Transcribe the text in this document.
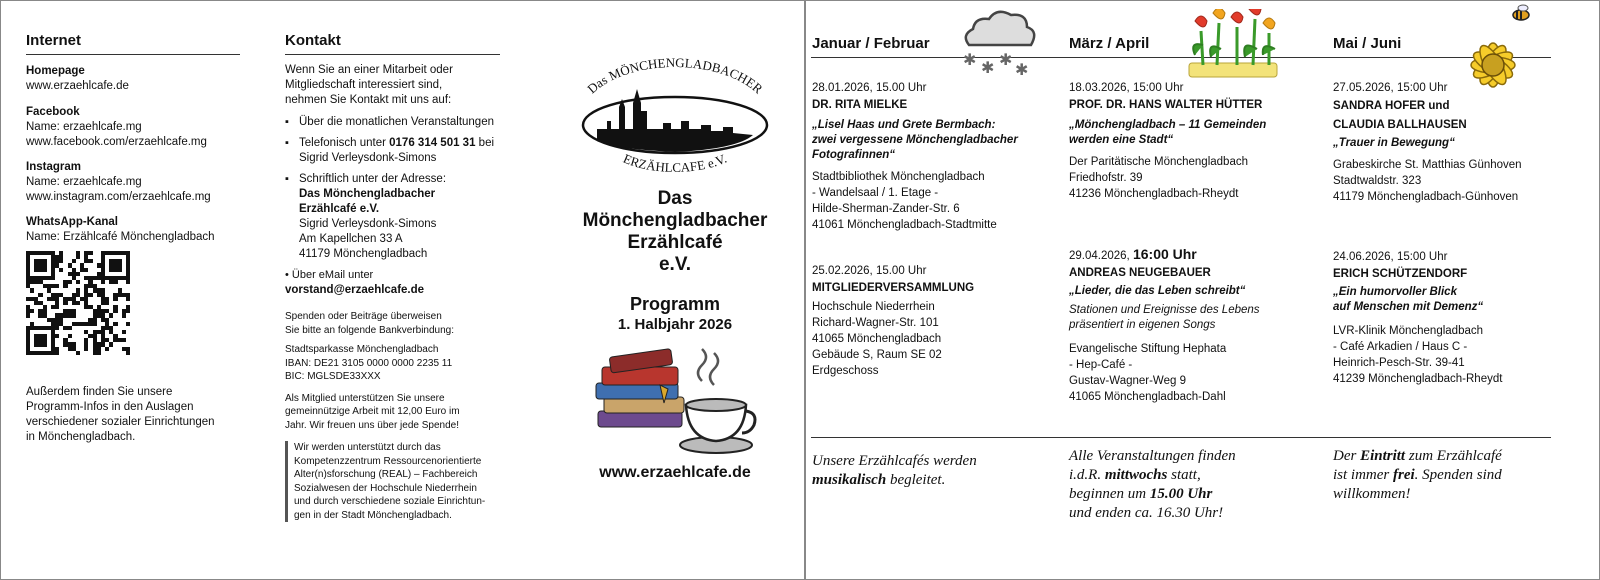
Internet
Homepage
www.erzaehlcafe.de
Facebook
Name: erzaehlcafe.mg
www.facebook.com/erzaehlcafe.mg
Instagram
Name: erzaehlcafe.mg
www.instagram.com/erzaehlcafe.mg
WhatsApp-Kanal
Name: Erzählcafé Mönchengladbach
Außerdem finden Sie unsere
Programm-Infos in den Auslagen
verschiedener sozialer Einrichtungen
in Mönchengladbach.
Kontakt
Wenn Sie an einer Mitarbeit oder
Mitgliedschaft interessiert sind,
nehmen Sie Kontakt mit uns auf:
▪ Über die monatlichen Veranstaltungen
▪ Telefonisch unter 0176 314 501 31 bei
Sigrid Verleysdonk-Simons
▪ Schriftlich unter der Adresse:
Das Mönchengladbacher
Erzählcafé e.V.
Sigrid Verleysdonk-Simons
Am Kapellchen 33 A
41179 Mönchengladbach
• Über eMail unter
vorstand@erzaehlcafe.de
Spenden oder Beiträge überweisen
Sie bitte an folgende Bankverbindung:
Stadtsparkasse Mönchengladbach
IBAN: DE21 3105 0000 0000 2235 11
BIC: MGLSDE33XXX
Als Mitglied unterstützen Sie unsere
gemeinnützige Arbeit mit 12,00 Euro im
Jahr. Wir freuen uns über jede Spende!
Wir werden unterstützt durch das
Kompetenzzentrum Ressourcenorientierte
Alter(n)sforschung (REAL) – Fachbereich
Sozialwesen der Hochschule Niederrhein
und durch verschiedene soziale Einrichtun-
gen in der Stadt Mönchengladbach.
Das MÖNCHENGLADBACHER
ERZÄHLCAFE e.V.
Das
Mönchengladbacher
Erzählcafé
e.V.
Programm
1. Halbjahr 2026
www.erzaehlcafe.de
✱ ✱ ✱
✱
Januar / Februar
28.01.2026, 15.00 Uhr
DR. RITA MIELKE
„Lisel Haas und Grete Bermbach:
zwei vergessene Mönchengladbacher
Fotografinnen“
Stadtbibliothek Mönchengladbach
- Wandelsaal / 1. Etage -
Hilde-Sherman-Zander-Str. 6
41061 Mönchengladbach-Stadtmitte
25.02.2026, 15.00 Uhr
MITGLIEDERVERSAMMLUNG
Hochschule Niederrhein
Richard-Wagner-Str. 101
41065 Mönchengladbach
Gebäude S, Raum SE 02
Erdgeschoss
Unsere Erzählcafés werden
musikalisch begleitet.
März / April
18.03.2026, 15:00 Uhr
PROF. DR. HANS WALTER HÜTTER
„Mönchengladbach – 11 Gemeinden
werden eine Stadt“
Der Paritätische Mönchengladbach
Friedhofstr. 39
41236 Mönchengladbach-Rheydt
29.04.2026, 16:00 Uhr
ANDREAS NEUGEBAUER
„Lieder, die das Leben schreibt“
Stationen und Ereignisse des Lebens
präsentiert in eigenen Songs
Evangelische Stiftung Hephata
- Hep-Café -
Gustav-Wagner-Weg 9
41065 Mönchengladbach-Dahl
Alle Veranstaltungen finden
i.d.R. mittwochs statt,
beginnen um 15.00 Uhr
und enden ca. 16.30 Uhr!
Mai / Juni
27.05.2026, 15:00 Uhr
SANDRA HOFER und
CLAUDIA BALLHAUSEN
„Trauer in Bewegung“
Grabeskirche St. Matthias Günhoven
Stadtwaldstr. 323
41179 Mönchengladbach-Günhoven
24.06.2026, 15:00 Uhr
ERICH SCHÜTZENDORF
„Ein humorvoller Blick
auf Menschen mit Demenz“
LVR-Klinik Mönchengladbach
- Café Arkadien / Haus C -
Heinrich-Pesch-Str. 39-41
41239 Mönchengladbach-Rheydt
Der Eintritt zum Erzählcafé
ist immer frei. Spenden sind
willkommen!
